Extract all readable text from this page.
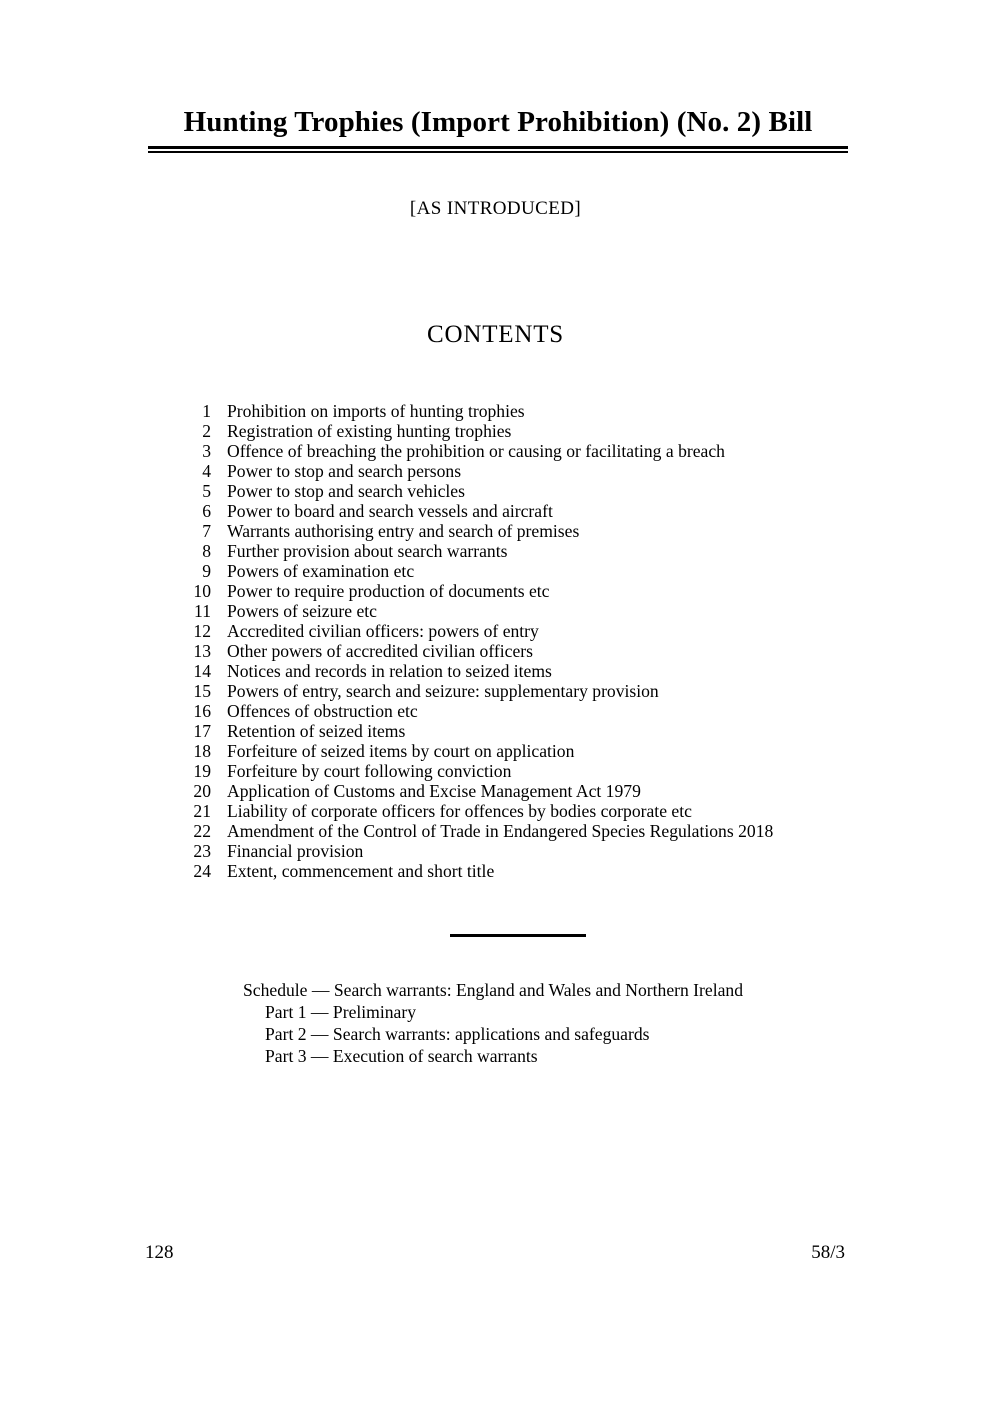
Hunting Trophies (Import Prohibition) (No. 2) Bill
[AS INTRODUCED]
CONTENTS
1 Prohibition on imports of hunting trophies
2 Registration of existing hunting trophies
3 Offence of breaching the prohibition or causing or facilitating a breach
4 Power to stop and search persons
5 Power to stop and search vehicles
6 Power to board and search vessels and aircraft
7 Warrants authorising entry and search of premises
8 Further provision about search warrants
9 Powers of examination etc
10 Power to require production of documents etc
11 Powers of seizure etc
12 Accredited civilian officers: powers of entry
13 Other powers of accredited civilian officers
14 Notices and records in relation to seized items
15 Powers of entry, search and seizure: supplementary provision
16 Offences of obstruction etc
17 Retention of seized items
18 Forfeiture of seized items by court on application
19 Forfeiture by court following conviction
20 Application of Customs and Excise Management Act 1979
21 Liability of corporate officers for offences by bodies corporate etc
22 Amendment of the Control of Trade in Endangered Species Regulations 2018
23 Financial provision
24 Extent, commencement and short title
Schedule — Search warrants: England and Wales and Northern Ireland
Part 1 — Preliminary
Part 2 — Search warrants: applications and safeguards
Part 3 — Execution of search warrants
128	58/3
